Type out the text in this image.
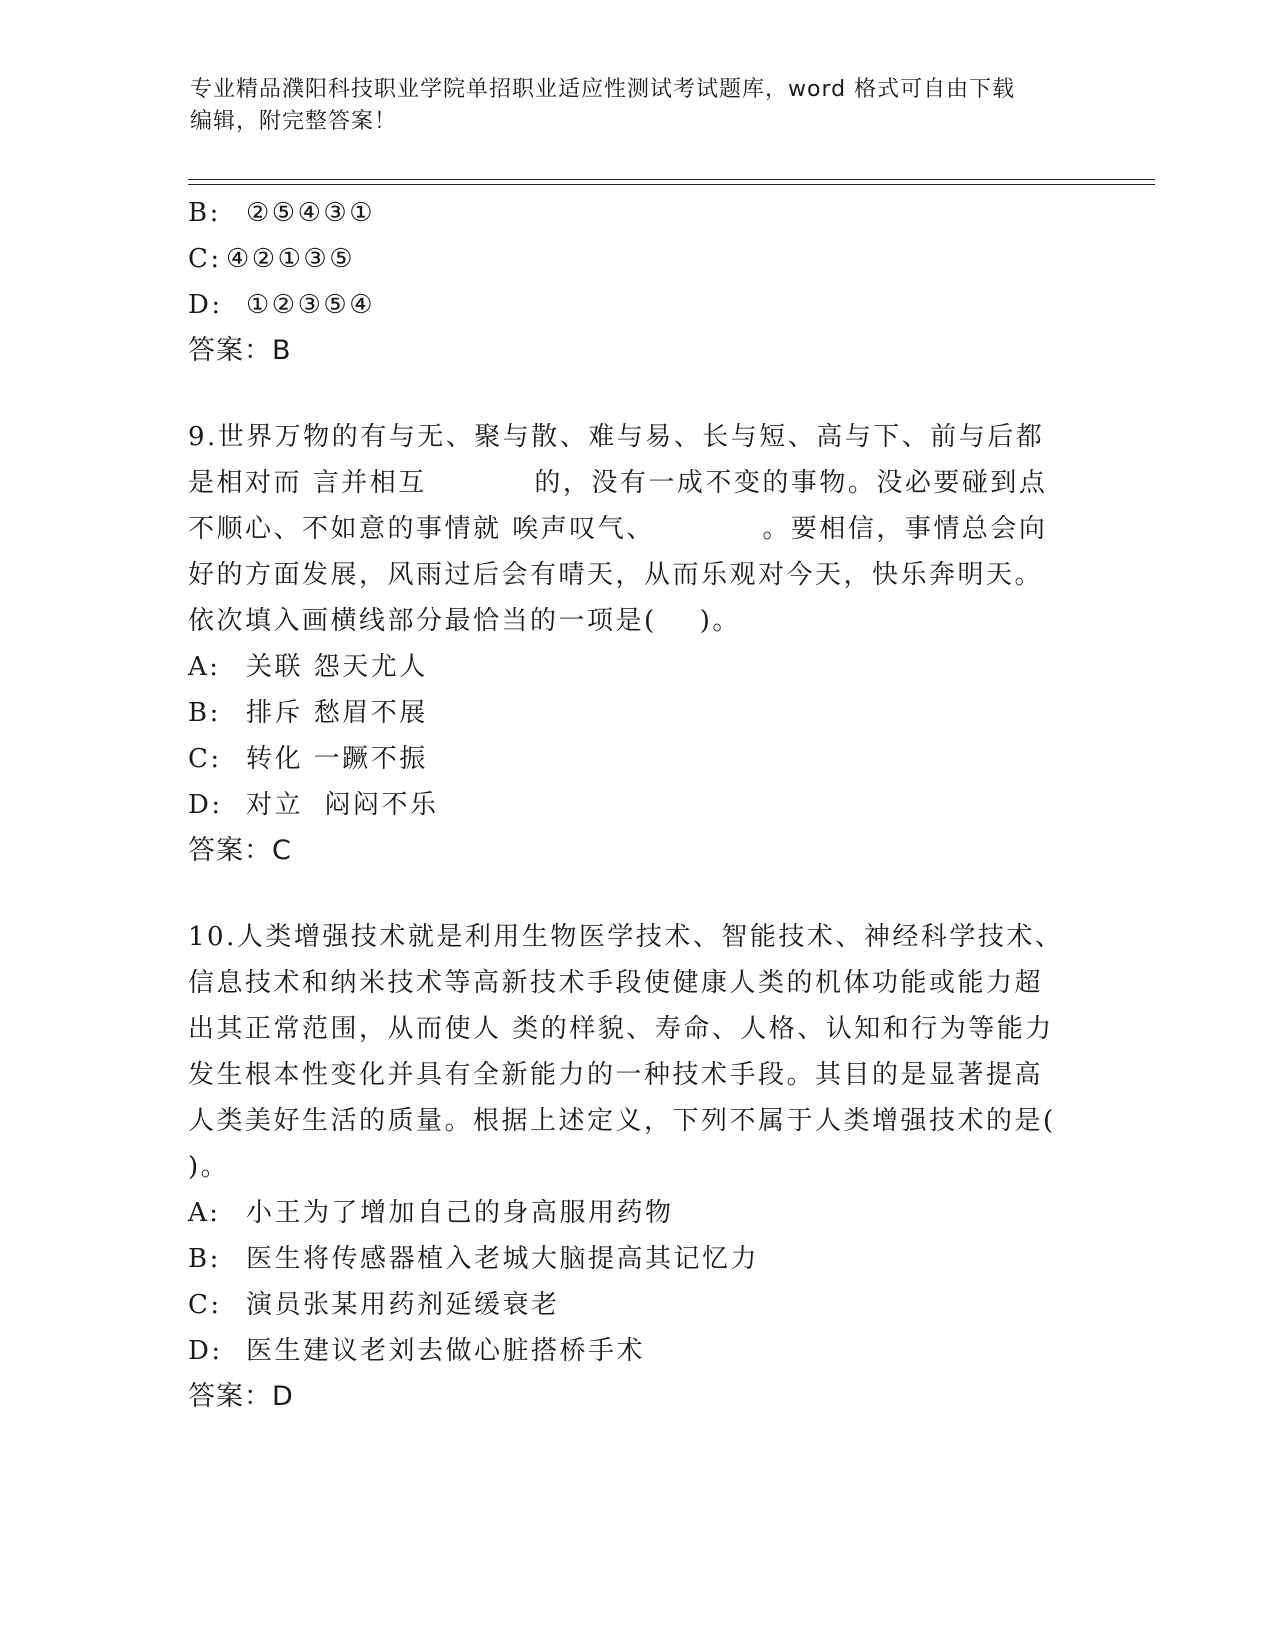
专业精品濮阳科技职业学院单招职业适应性测试考试题库，word 格式可自由下载
编辑，附完整答案！
B: ②⑤④③①
C: ④②①③⑤
D: ①②③⑤④
答案：B
9.世界万物的有与无、聚与散、难与易、长与短、高与下、前与后都
是相对而 言并相互          的，没有一成不变的事物。没必要碰到点
不顺心、不如意的事情就 唉声叹气、          。要相信，事情总会向
好的方面发展，风雨过后会有晴天，从而乐观对今天，快乐奔明天。
依次填入画横线部分最恰当的一项是(    )。
A: 关联 怨天尤人
B: 排斥 愁眉不展
C: 转化 一蹶不振
D: 对立  闷闷不乐
答案：C
10.人类增强技术就是利用生物医学技术、智能技术、神经科学技术、
信息技术和纳米技术等高新技术手段使健康人类的机体功能或能力超
出其正常范围，从而使人 类的样貌、寿命、人格、认知和行为等能力
发生根本性变化并具有全新能力的一种技术手段。其目的是显著提高
人类美好生活的质量。根据上述定义，下列不属于人类增强技术的是(
)。
A: 小王为了增加自己的身高服用药物
B: 医生将传感器植入老城大脑提高其记忆力
C: 演员张某用药剂延缓衰老
D: 医生建议老刘去做心脏搭桥手术
答案：D
